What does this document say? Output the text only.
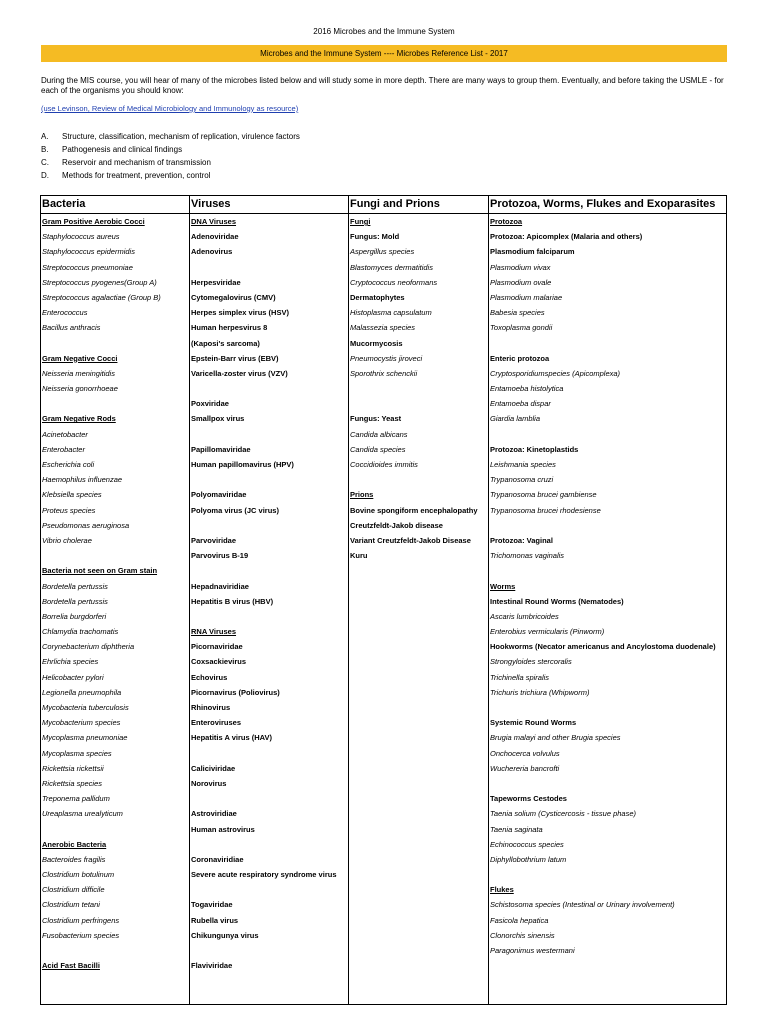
2016 Microbes and the Immune System
Microbes and the Immune System ---- Microbes Reference List - 2017
During the MIS course, you will hear of many of the microbes listed below and will study some in more depth. There are many ways to group them. Eventually, and before taking the USMLE - for each of the organisms you should know:
(use Levinson, Review of Medical Microbiology and Immunology as resource)
A. Structure, classification, mechanism of replication, virulence factors
B. Pathogenesis and clinical findings
C. Reservoir and mechanism of transmission
D. Methods for treatment, prevention, control
Bacteria
Gram Positive Aerobic Cocci
Staphylococcus aureus
Staphylococcus epidermidis
Streptococcus pneumoniae
Streptococcus pyogenes(Group A)
Streptococcus agalactiae (Group B)
Enterococcus
Bacillus anthracis
Gram Negative Cocci
Neisseria meningitidis
Neisseria gonorrhoeae
Gram Negative Rods
Acinetobacter
Enterobacter
Escherichia coli
Haemophilus influenzae
Klebsiella species
Proteus species
Pseudomonas aeruginosa
Vibrio cholerae
Bacteria not seen on Gram stain
Bordetella pertussis
Bordetella pertussis
Borrelia burgdorferi
Chlamydia trachomatis
Corynebacterium diphtheria
Ehrlichia species
Helicobacter pylori
Legionella pneumophila
Mycobacteria tuberculosis
Mycobacterium species
Mycoplasma pneumoniae
Mycoplasma species
Rickettsia rickettsii
Rickettsia species
Treponema pallidum
Ureaplasma urealyticum
Anerobic Bacteria
Bacteroides fragilis
Clostridium botulinum
Clostridium difficile
Clostridium tetani
Clostridium perfringens
Fusobacterium species
Acid Fast Bacilli
Viruses
DNA Viruses
Adenoviridae
Adenovirus
Herpesviridae
Cytomegalovirus (CMV)
Herpes simplex virus (HSV)
Human herpesvirus 8
(Kaposi's sarcoma)
Epstein-Barr virus (EBV)
Varicella-zoster virus (VZV)
Poxviridae
Smallpox virus
Papillomaviridae
Human papillomavirus (HPV)
Polyomaviridae
Polyoma virus (JC virus)
Parvoviridae
Parvovirus B-19
Hepadnaviridiae
Hepatitis B virus (HBV)
RNA Viruses
Picornaviridae
Coxsackievirus
Echovirus
Picornavirus (Poliovirus)
Rhinovirus
Enteroviruses
Hepatitis A virus (HAV)
Caliciviridae
Norovirus
Astroviridiae
Human astrovirus
Coronaviridiae
Severe acute respiratory syndrome virus
Togaviridae
Rubella virus
Chikungunya virus
Flaviviridae
Fungi and Prions
Fungi
Fungus: Mold
Aspergillus species
Blastomyces dermatitidis
Cryptococcus neoformans
Dermatophytes
Histoplasma capsulatum
Malassezia species
Mucormycosis
Pneumocystis jiroveci
Sporothrix schenckii
Fungus: Yeast
Candida albicans
Candida species
Coccidioides immitis
Prions
Bovine spongiform encephalopathy
Creutzfeldt-Jakob disease
Variant Creutzfeldt-Jakob Disease
Kuru
Protozoa, Worms, Flukes and Exoparasites
Protozoa
Protozoa: Apicomplex (Malaria and others)
Plasmodium falciparum
Plasmodium vivax
Plasmodium ovale
Plasmodium malariae
Babesia species
Toxoplasma gondii
Enteric protozoa
Cryptosporidiumspecies (Apicomplexa)
Entamoeba histolytica
Entamoeba dispar
Giardia lamblia
Protozoa: Kinetoplastids
Leishmania species
Trypanosoma cruzi
Trypanosoma brucei gambiense
Trypanosoma brucei rhodesiense
Protozoa: Vaginal
Trichomonas vaginalis
Worms
Intestinal Round Worms (Nematodes)
Ascaris lumbricoides
Enterobius vermicularis (Pinworm)
Hookworms (Necator americanus and Ancylostoma duodenale)
Strongyloides stercoralis
Trichinella spiralis
Trichuris trichiura (Whipworm)
Systemic Round Worms
Brugia malayi and other Brugia species
Onchocerca volvulus
Wuchereria bancrofti
Tapeworms Cestodes
Taenia solium (Cysticercosis - tissue phase)
Taenia saginata
Echinococcus species
Diphyllobothrium latum
Flukes
Schistosoma species (Intestinal or Urinary involvement)
Fasicola hepatica
Clonorchis sinensis
Paragonimus westermani
